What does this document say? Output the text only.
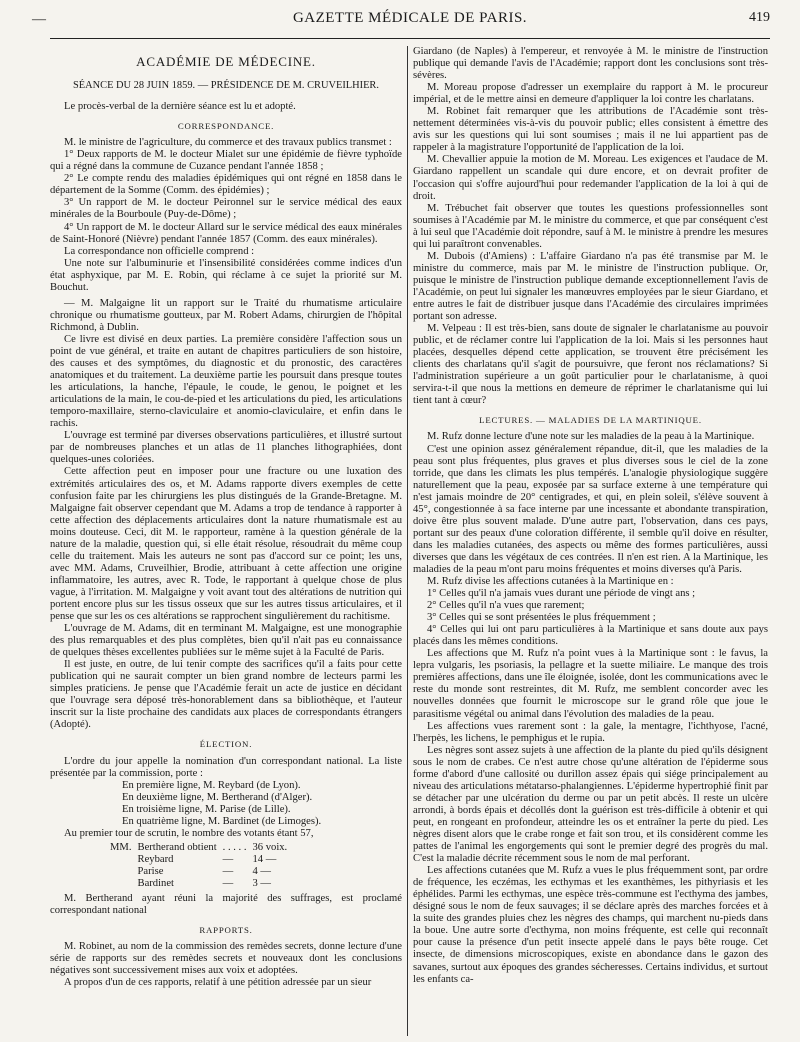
—	GAZETTE MÉDICALE DE PARIS.	419

ACADÉMIE DE MÉDECINE.

SÉANCE DU 28 JUIN 1859. — PRÉSIDENCE DE M. CRUVEILHIER.

Le procès-verbal de la dernière séance est lu et adopté.

CORRESPONDANCE.

M. le ministre de l'agriculture, du commerce et des travaux publics transmet :

1° Deux rapports de M. le docteur Mialet sur une épidémie de fièvre typhoïde qui a régné dans la commune de Cuzance pendant l'année 1858 ;

2° Le compte rendu des maladies épidémiques qui ont régné en 1858 dans le département de la Somme (Comm. des épidémies) ;

3° Un rapport de M. le docteur Peironnel sur le service médical des eaux minérales de la Bourboule (Puy-de-Dôme) ;

4° Un rapport de M. le docteur Allard sur le service médical des eaux minérales de Saint-Honoré (Nièvre) pendant l'année 1857 (Comm. des eaux minérales).

La correspondance non officielle comprend :

Une note sur l'albuminurie et l'insensibilité considérées comme indices d'un état asphyxique, par M. E. Robin, qui réclame à ce sujet la priorité sur M. Bouchut.

— M. Malgaigne lit un rapport sur le Traité du rhumatisme articulaire chronique ou rhumatisme goutteux, par M. Robert Adams, chirurgien de l'hôpital Richmond, à Dublin.

Ce livre est divisé en deux parties. La première considère l'affection sous un point de vue général, et traite en autant de chapitres particuliers de son histoire, des causes et des symptômes, du diagnostic et du pronostic, des caractères anatomiques et du traitement. La deuxième partie les poursuit dans presque toutes les articulations, la hanche, l'épaule, le coude, le genou, le poignet et les articulations de la main, le cou-de-pied et les articulations du pied, les articulations temporo-maxillaire, sterno-claviculaire et anomio-claviculaire, et enfin dans le rachis.

L'ouvrage est terminé par diverses observations particulières, et illustré surtout par de nombreuses planches et un atlas de 11 planches lithographiées, dont quelques-unes coloriées.

Cette affection peut en imposer pour une fracture ou une luxation des extrémités articulaires des os, et M. Adams rapporte divers exemples de cette confusion faite par les chirurgiens les plus distingués de la Grande-Bretagne. M. Malgaigne fait observer cependant que M. Adams a trop de tendance à rapporter à cette affection des déplacements articulaires dont la nature rhumatismale est au moins douteuse. Ceci, dit M. le rapporteur, ramène à la question générale de la nature de la maladie, question qui, si elle était résolue, résoudrait du même coup celle du traitement. Mais les auteurs ne sont pas d'accord sur ce point; les uns, avec MM. Adams, Cruveilhier, Brodie, attribuant à cette affection une origine inflammatoire, les autres, avec R. Tode, le rapportant à quelque chose de plus vague, à l'irritation. M. Malgaigne y voit avant tout des altérations de nutrition qui portent encore plus sur les tissus osseux que sur les autres tissus articulaires, et il pense que sur les os ces altérations se rapprochent singulièrement du rachitisme.

L'ouvrage de M. Adams, dit en terminant M. Malgaigne, est une monographie des plus remarquables et des plus complètes, bien qu'il n'ait pas eu connaissance de quelques thèses excellentes publiées sur le même sujet à la Faculté de Paris.

Il est juste, en outre, de lui tenir compte des sacrifices qu'il a faits pour cette publication qui ne saurait compter un bien grand nombre de lecteurs parmi les simples praticiens. Je pense que l'Académie ferait un acte de justice en décidant que l'ouvrage sera déposé très-honorablement dans sa bibliothèque, et l'auteur inscrit sur la liste prochaine des candidats aux places de correspondants étrangers (Adopté).

ÉLECTION.

L'ordre du jour appelle la nomination d'un correspondant national. La liste présentée par la commission, porte :

En première ligne, M. Reybard (de Lyon).

En deuxième ligne, M. Bertherand (d'Alger).

En troisième ligne, M. Parise (de Lille).

En quatrième ligne, M. Bardinet (de Limoges).

Au premier tour de scrutin, le nombre des votants étant 57,

MM.	Bertherand obtient	. . . . .	36 voix.
	Reybard	—	14 —
	Parise	—	4 —
	Bardinet	—	3 —

M. Bertherand ayant réuni la majorité des suffrages, est proclamé correspondant national

RAPPORTS.

M. Robinet, au nom de la commission des remèdes secrets, donne lecture d'une série de rapports sur des remèdes secrets et nouveaux dont les conclusions négatives sont successivement mises aux voix et adoptées.

A propos d'un de ces rapports, relatif à une pétition adressée par un sieur

Giardano (de Naples) à l'empereur, et renvoyée à M. le ministre de l'instruction publique qui demande l'avis de l'Académie; rapport dont les conclusions sont très-sévères.

M. Moreau propose d'adresser un exemplaire du rapport à M. le procureur impérial, et de le mettre ainsi en demeure d'appliquer la loi contre les charlatans.

M. Robinet fait remarquer que les attributions de l'Académie sont très-nettement déterminées vis-à-vis du pouvoir public; elles consistent à émettre des avis sur les questions qui lui sont soumises ; mais il ne lui appartient pas de rappeler à la magistrature l'opportunité de l'application de la loi.

M. Chevallier appuie la motion de M. Moreau. Les exigences et l'audace de M. Giardano rappellent un scandale qui dure encore, et on devrait profiter de l'occasion qui s'offre aujourd'hui pour redemander l'application de la loi à qui de droit.

M. Trébuchet fait observer que toutes les questions professionnelles sont soumises à l'Académie par M. le ministre du commerce, et que par conséquent c'est à lui seul que l'Académie doit répondre, sauf à M. le ministre à prendre les mesures qui lui paraîtront convenables.

M. Dubois (d'Amiens) : L'affaire Giardano n'a pas été transmise par M. le ministre du commerce, mais par M. le ministre de l'instruction publique. Or, puisque le ministre de l'instruction publique demande exceptionnellement l'avis de l'Académie, on peut lui signaler les manœuvres employées par le sieur Giardano, et entre autres le fait de distribuer jusque dans l'Académie des circulaires imprimées portant son adresse.

M. Velpeau : Il est très-bien, sans doute de signaler le charlatanisme au pouvoir public, et de réclamer contre lui l'application de la loi. Mais si les personnes haut placées, desquelles dépend cette application, se trouvent être précisément les clients des charlatans qu'il s'agit de poursuivre, que feront nos réclamations? Si l'administration supérieure a un goût particulier pour le charlatanisme, à quoi servira-t-il que nous la mettions en demeure de réprimer le charlatanisme qui lui tient tant à cœur?

LECTURES. — MALADIES DE LA MARTINIQUE.

M. Rufz donne lecture d'une note sur les maladies de la peau à la Martinique.

C'est une opinion assez généralement répandue, dit-il, que les maladies de la peau sont plus fréquentes, plus graves et plus diverses sous le ciel de la zone torride, que dans les climats les plus tempérés. L'analogie physiologique suggère naturellement que la peau, exposée par sa surface externe à une température qui n'est jamais moindre de 20° centigrades, et qui, en plein soleil, s'élève souvent à 45°, congestionnée à sa face interne par une incessante et abondante transpiration, doive être plus souvent malade. D'une autre part, l'observation, dans ces pays, portant sur des peaux d'une coloration différente, il semble qu'il doive en résulter, dans les maladies cutanées, des aspects ou même des formes particulières, aussi diverses que dans les végétaux de ces contrées. Il n'en est rien. A la Martinique, les maladies de la peau m'ont paru moins fréquentes et moins diverses qu'à Paris.

M. Rufz divise les affections cutanées à la Martinique en :

1° Celles qu'il n'a jamais vues durant une période de vingt ans ;

2° Celles qu'il n'a vues que rarement;

3° Celles qui se sont présentées le plus fréquemment ;

4° Celles qui lui ont paru particulières à la Martinique et sans doute aux pays placés dans les mêmes conditions.

Les affections que M. Rufz n'a point vues à la Martinique sont : le favus, la lepra vulgaris, les psoriasis, la pellagre et la suette miliaire. Le manque des trois premières affections, dans une île éloignée, isolée, dont les communications avec le reste du monde sont restreintes, dit M. Rufz, me semblent concorder avec les nouvelles données que fournit le microscope sur le grand rôle que joue le parasitisme végétal ou animal dans l'évolution des maladies de la peau.

Les affections vues rarement sont : la gale, la mentagre, l'ichthyose, l'acné, l'herpès, les lichens, le pemphigus et le rupia.

Les nègres sont assez sujets à une affection de la plante du pied qu'ils désignent sous le nom de crabes. Ce n'est autre chose qu'une altération de l'épiderme sous forme d'abord d'une callosité ou durillon assez épais qui siége principalement au niveau des articulations métatarso-phalangiennes. L'épiderme hypertrophié finit par se détacher par une ulcération du derme ou par un petit abcès. Il reste un ulcère arrondi, à bords épais et décollés dont la guérison est très-difficile à obtenir et qui peut, en rongeant en profondeur, atteindre les os et entraîner la perte du pied. Les nègres disent alors que le crabe ronge et fait son trou, et ils considèrent comme les pattes de l'animal les engorgements qui sont le premier degré des progrès du mal. C'est la maladie décrite récemment sous le nom de mal perforant.

Les affections cutanées que M. Rufz a vues le plus fréquemment sont, par ordre de fréquence, les eczémas, les ecthymas et les exanthèmes, les pithyriasis et les éphélides. Parmi les ecthymas, une espèce très-commune est l'ecthyma des jambes, désigné sous le nom de feux sauvages; il se déclare après des marches forcées et à la suite des grandes pluies chez les nègres des champs, qui marchent nu-pieds dans la boue. Une autre sorte d'ecthyma, non moins fréquente, est celle qui reconnaît pour cause la présence d'un petit insecte appelé dans le pays bête rouge. Cet insecte, de dimensions microscopiques, existe en abondance dans le gazon des savanes, surtout aux époques des grandes sécheresses. Certains individus, et surtout les enfants ca-
